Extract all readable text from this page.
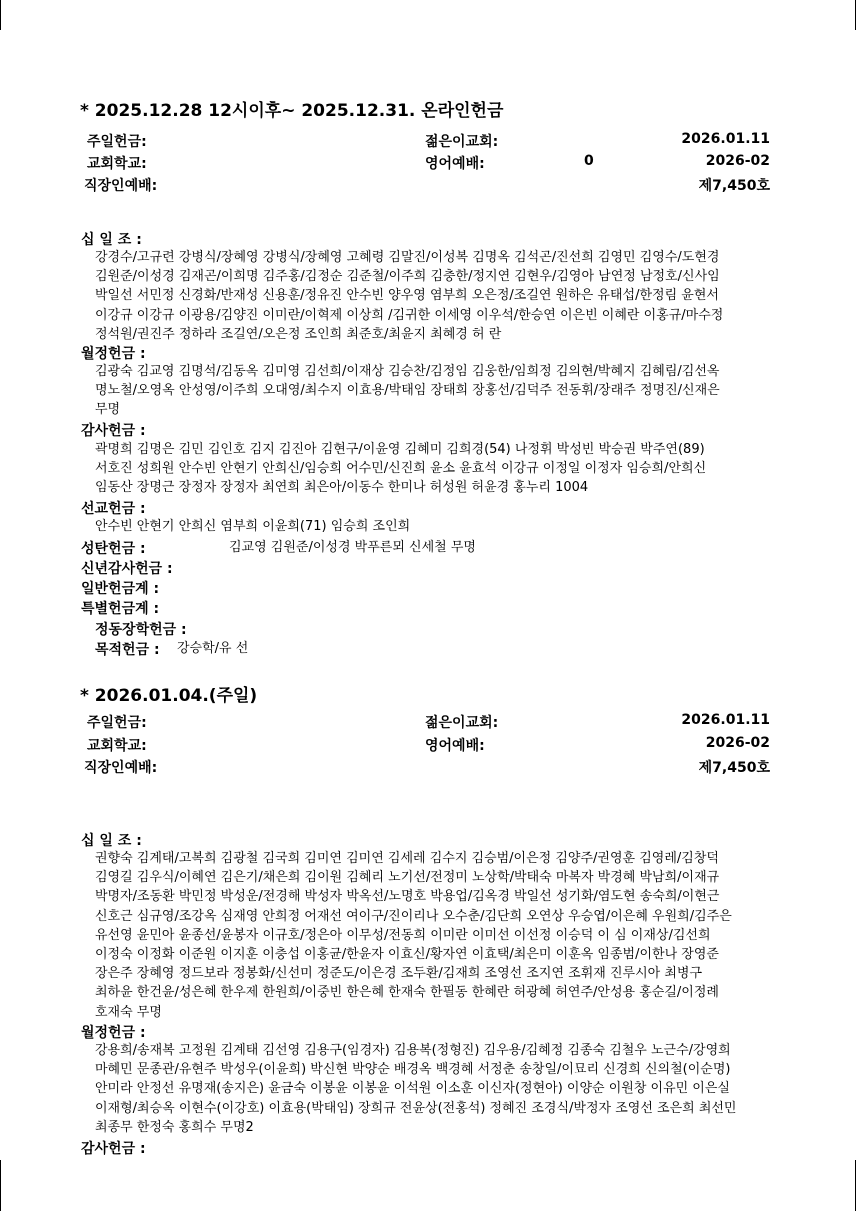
* 2025.12.28 12시이후~ 2025.12.31. 온라인헌금
주일헌금:	젊은이교회:	2026.01.11
교회학교:	영어예배:	0	2026-02
직장인예배:	제7,450호
십 일 조 :
강경수/고규련 강병식/장혜영 강병식/장혜영 고혜령 김말진/이성복 김명옥 김석곤/진선희 김영민 김영수/도현경
김원준/이성경 김재곤/이희명 김주홍/김정순 김준철/이주희 김충한/정지연 김현우/김영아 남연정 남정호/신사임
박일선 서민정 신경화/반재성 신용훈/정유진 안수빈 양우영 염부희 오은정/조길연 원하은 유태섭/한정림 윤현서
이강규 이강규 이광용/김양진 이미란/이혁제 이상희 /김귀한 이세영 이우석/한승연 이은빈 이혜란 이홍규/마수정
정석원/권진주 정하라 조길연/오은정 조인희 최준호/최윤지 최혜경 허 란
월정헌금 :
김광숙 김교영 김명석/김동옥 김미영 김선희/이재상 김승찬/김정임 김웅한/임희정 김의현/박혜지 김혜림/김선옥
명노철/오영옥 안성영/이주희 오대영/최수지 이효용/박태임 장태희 장홍선/김덕주 전동휘/장래주 정명진/신재은
무명
감사헌금 :
곽명희 김명은 김민 김인호 김지 김진아 김현구/이윤영 김혜미 김희경(54) 나정휘 박성빈 박승권 박주연(89)
서호진 성희원 안수빈 안현기 안희신/임승희 어수민/신진희 윤소 윤효석 이강규 이정일 이정자 임승희/안희신
임동산 장명근 장정자 장정자 최연희 최은아/이동수 한미나 허성원 허윤경 홍누리 1004
선교헌금 :
안수빈 안현기 안희신 염부희 이윤희(71) 임승희 조인희
성탄헌금 :	김교영 김원준/이성경 박푸른뫼 신세철 무명
신년감사헌금 :
일반헌금계 :
특별헌금계 :
정동장학헌금 :
목적헌금 : 강승학/유 선
* 2026.01.04.(주일)
주일헌금:	젊은이교회:	2026.01.11
교회학교:	영어예배:	2026-02
직장인예배:	제7,450호
십 일 조 :
권향숙 김계태/고복희 김광철 김국희 김미연 김미연 김세레 김수지 김승범/이은정 김양주/권영훈 김영레/김창덕
김영길 김우식/이혜연 김은기/채은희 김이원 김혜리 노기선/전정미 노상학/박태숙 마복자 박경혜 박남희/이재규
박명자/조동환 박민정 박성운/전경해 박성자 박옥선/노명호 박용업/김옥경 박일선 성기화/염도현 송숙희/이현근
신호근 심규영/조강옥 심재영 안희정 어재선 여이구/진이리나 오수춘/김단희 오연상 우승엽/이은혜 우원희/김주은
유선영 윤민아 윤종선/윤봉자 이규호/정은아 이무성/전동희 이미란 이미선 이선정 이승덕 이 심 이재상/김선희
이정숙 이정화 이준원 이지훈 이충섭 이홍균/한윤자 이효신/황자연 이효택/최은미 이훈옥 임종범/이한나 장영준
장은주 장혜영 정드보라 정봉화/신선미 정준도/이은경 조두환/김재희 조영선 조지연 조휘재 진루시아 최병구
최하윤 한건윤/성은혜 한우제 한원희/이중빈 한은혜 한재숙 한필동 한혜란 허광혜 허연주/안성용 홍순길/이정례
호재숙 무명
월정헌금 :
강용희/송재복 고정원 김계태 김선영 김용구(임경자) 김용복(정형진) 김우용/김혜정 김종숙 김철우 노근수/강영희
마혜민 문종관/유현주 박성우(이윤희) 박신현 박양순 배경옥 백경혜 서정춘 송창일/이묘리 신경희 신의철(이순명)
안미라 안정선 유명재(송지은) 윤금숙 이봉윤 이봉윤 이석원 이소훈 이신자(정현아) 이양순 이원창 이유민 이은실
이재형/최승옥 이현수(이강호) 이효용(박태임) 장희규 전윤상(전홍석) 정혜진 조경식/박정자 조영선 조은희 최선민
최종무 한정숙 홍희수 무명2
감사헌금 :
